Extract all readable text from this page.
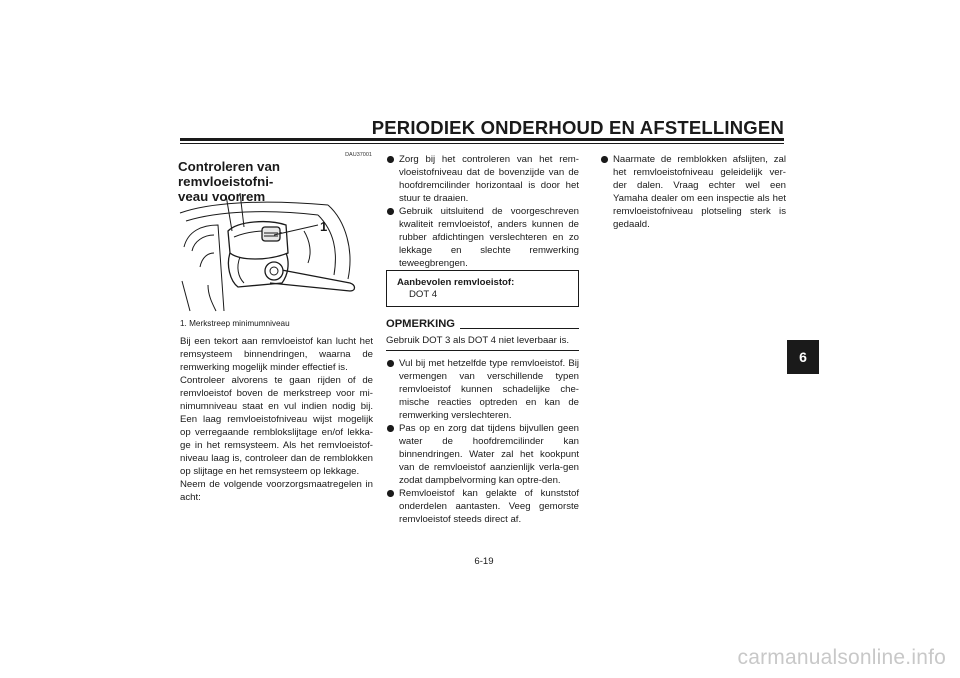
PERIODIEK ONDERHOUD EN AFSTELLINGEN
6
DAU37001
Controleren van remvloeistofni-
veau voorrem
1
1. Merkstreep minimumniveau

Bij een tekort aan remvloeistof kan lucht het remsysteem binnendringen, waarna de remwerking mogelijk minder effectief is.

Controleer alvorens te gaan rijden of de remvloeistof boven de merkstreep voor mi-nimumniveau staat en vul indien nodig bij. Een laag remvloeistofniveau wijst mogelijk op verregaande remblokslijtage en/of lekka-ge in het remsysteem. Als het remvloeistof-niveau laag is, controleer dan de remblokken op slijtage en het remsysteem op lekkage.

Neem de volgende voorzorgsmaatregelen in acht:

Zorg bij het controleren van het rem-vloeistofniveau dat de bovenzijde van de hoofdremcilinder horizontaal is door het stuur te draaien.
Gebruik uitsluitend de voorgeschreven kwaliteit remvloeistof, anders kunnen de rubber afdichtingen verslechteren en zo lekkage en slechte remwerking teweegbrengen.
Aanbevolen remvloeistof:
DOT 4
OPMERKING
Gebruik DOT 3 als DOT 4 niet leverbaar is.
Vul bij met hetzelfde type remvloeistof. Bij vermengen van verschillende typen remvloeistof kunnen schadelijke che-mische reacties optreden en kan de remwerking verslechteren.
Pas op en zorg dat tijdens bijvullen geen water de hoofdremcilinder kan binnendringen. Water zal het kookpunt van de remvloeistof aanzienlijk verla-gen zodat dampbelvorming kan optre-den.
Remvloeistof kan gelakte of kunststof onderdelen aantasten. Veeg gemorste remvloeistof steeds direct af.
Naarmate de remblokken afslijten, zal het remvloeistofniveau geleidelijk ver-der dalen. Vraag echter wel een Yamaha dealer om een inspectie als het remvloeistofniveau plotseling sterk is gedaald.
6-19
carmanualsonline.info
